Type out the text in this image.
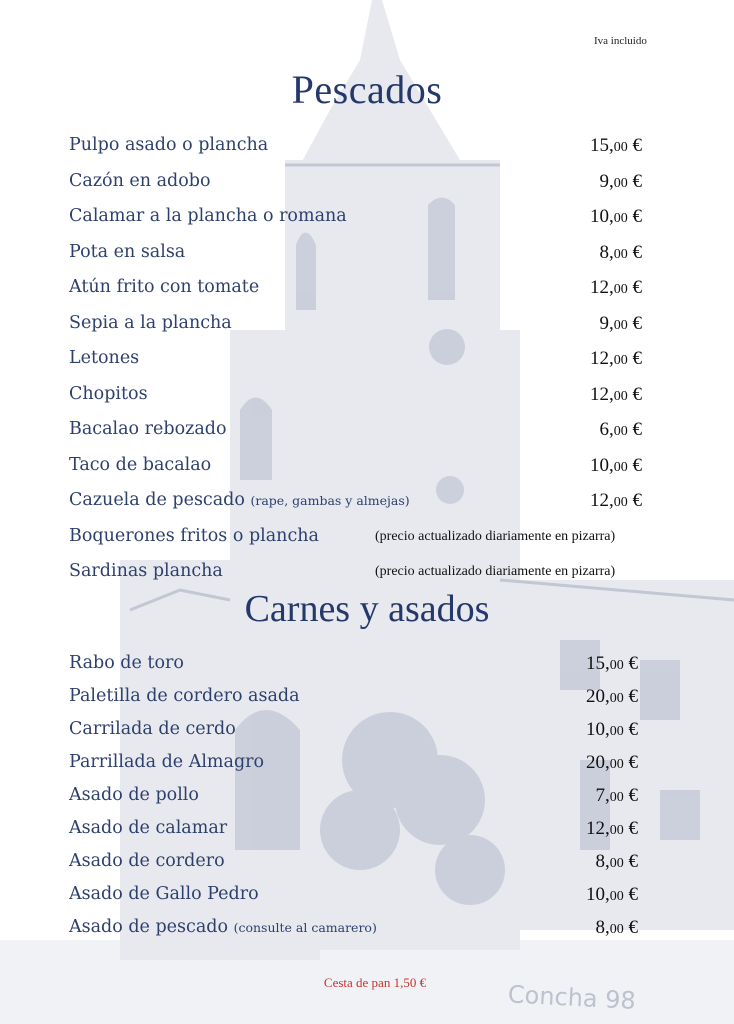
Concha 98
Iva incluido
Pescados
Pulpo asado o plancha	15,00 €
Cazón en adobo	9,00 €
Calamar a la plancha o romana	10,00 €
Pota en salsa	8,00 €
Atún frito con tomate	12,00 €
Sepia a la plancha	9,00 €
Letones	12,00 €
Chopitos	12,00 €
Bacalao rebozado	6,00 €
Taco de bacalao	10,00 €
Cazuela de pescado (rape, gambas y almejas)	12,00 €
Boquerones fritos o plancha	(precio actualizado diariamente en pizarra)
Sardinas plancha	(precio actualizado diariamente en pizarra)
Carnes y asados
Rabo de toro	15,00 €
Paletilla de cordero asada	20,00 €
Carrilada de cerdo	10,00 €
Parrillada de Almagro	20,00 €
Asado de pollo	7,00 €
Asado de calamar	12,00 €
Asado de cordero	8,00 €
Asado de Gallo Pedro	10,00 €
Asado de pescado (consulte al camarero)	8,00 €
Cesta de pan 1,50 €
